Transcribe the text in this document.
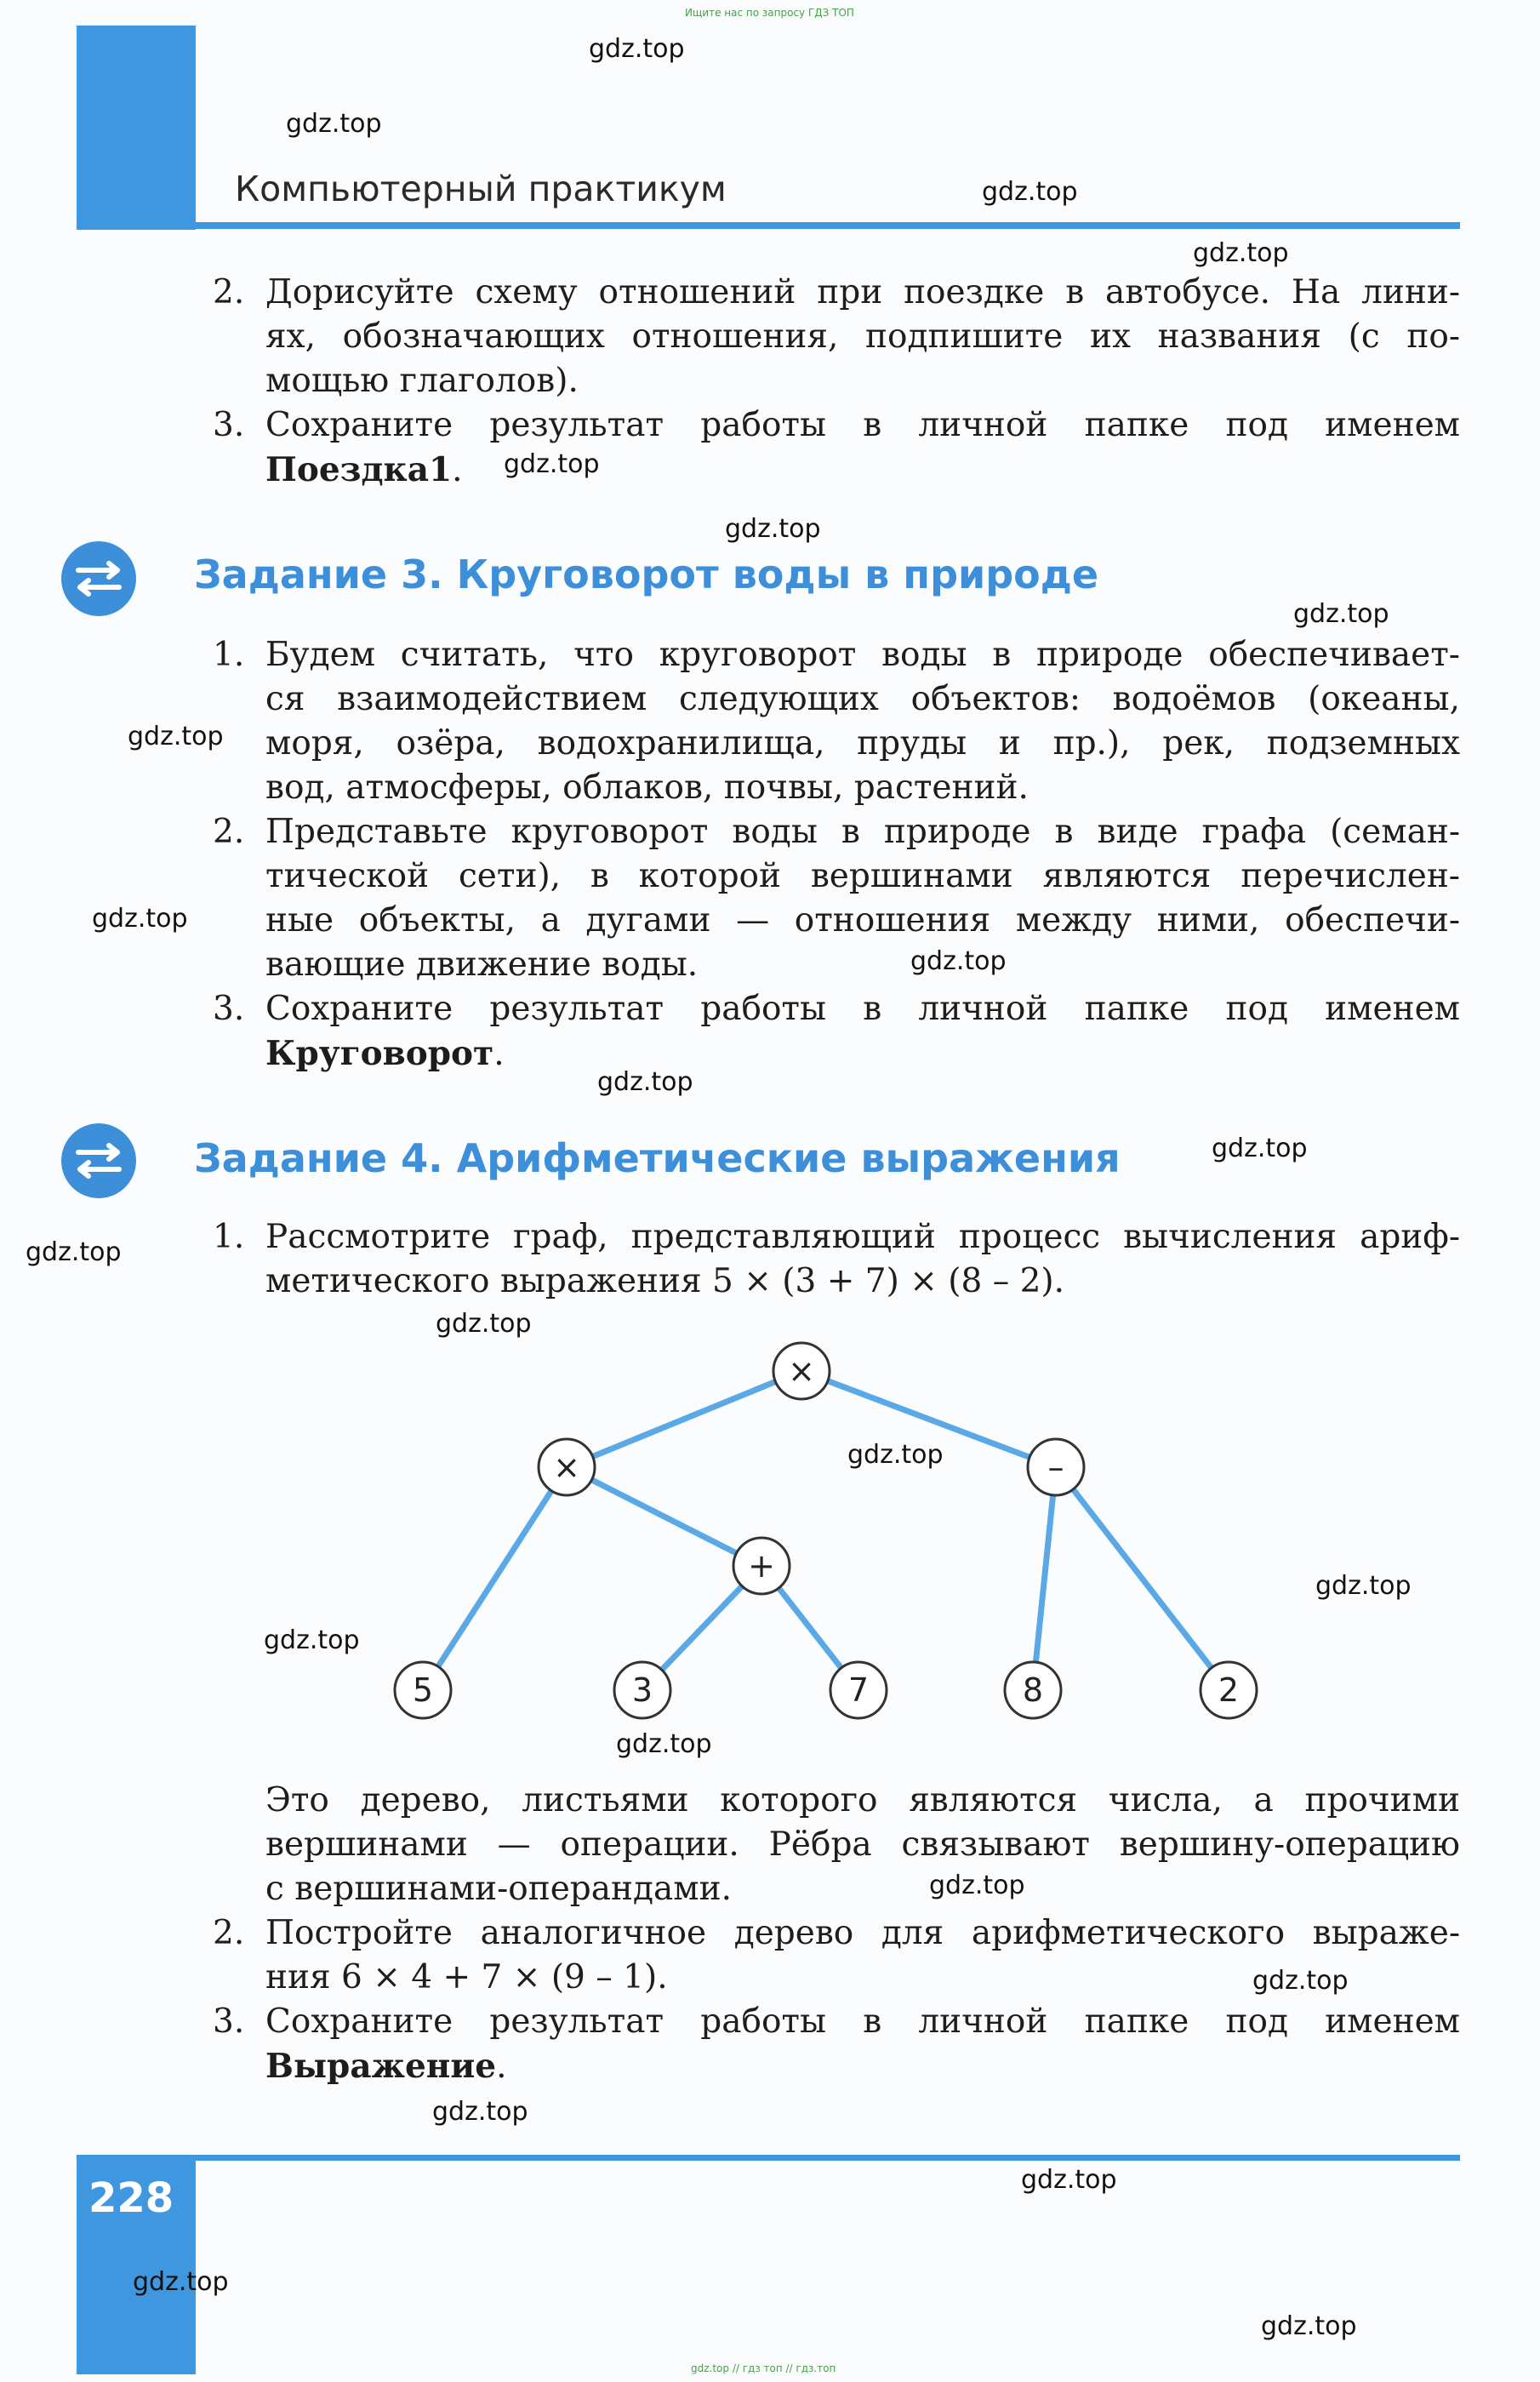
Компьютерный практикум
228
2. Дорисуйте схему отношений при поездке в автобусе. На лини-
ях, обозначающих отношения, подпишите их названия (с по-
мощью глаголов).
3. Сохраните результат работы в личной папке под именем
Поездка1.
Задание 3. Круговорот воды в природе
1. Будем считать, что круговорот воды в природе обеспечивает-
ся взаимодействием следующих объектов: водоёмов (океаны,
моря, озёра, водохранилища, пруды и пр.), рек, подземных
вод, атмосферы, облаков, почвы, растений.
2. Представьте круговорот воды в природе в виде графа (семан-
тической сети), в которой вершинами являются перечислен-
ные объекты, а дугами — отношения между ними, обеспечи-
вающие движение воды.
3. Сохраните результат работы в личной папке под именем
Круговорот.
Задание 4. Арифметические выражения
1. Рассмотрите граф, представляющий процесс вычисления ариф-
метического выражения 5 × (3 + 7) × (8 – 2).
×
×	–
+
5	3	7	8	2
Это дерево, листьями которого являются числа, а прочими
вершинами — операции. Рёбра связывают вершину-операцию
с вершинами-операндами.
2. Постройте аналогичное дерево для арифметического выраже-
ния 6 × 4 + 7 × (9 – 1).
3. Сохраните результат работы в личной папке под именем
Выражение.
Ищите нас по запросу ГДЗ ТОП
gdz.top // гдз топ // гдз.топ
gdz.top
gdz.top
gdz.top
gdz.top
gdz.top
gdz.top
gdz.top
gdz.top
gdz.top
gdz.top
gdz.top
gdz.top
gdz.top
gdz.top
gdz.top
gdz.top
gdz.top
gdz.top
gdz.top
gdz.top
gdz.top
gdz.top
gdz.top
gdz.top
